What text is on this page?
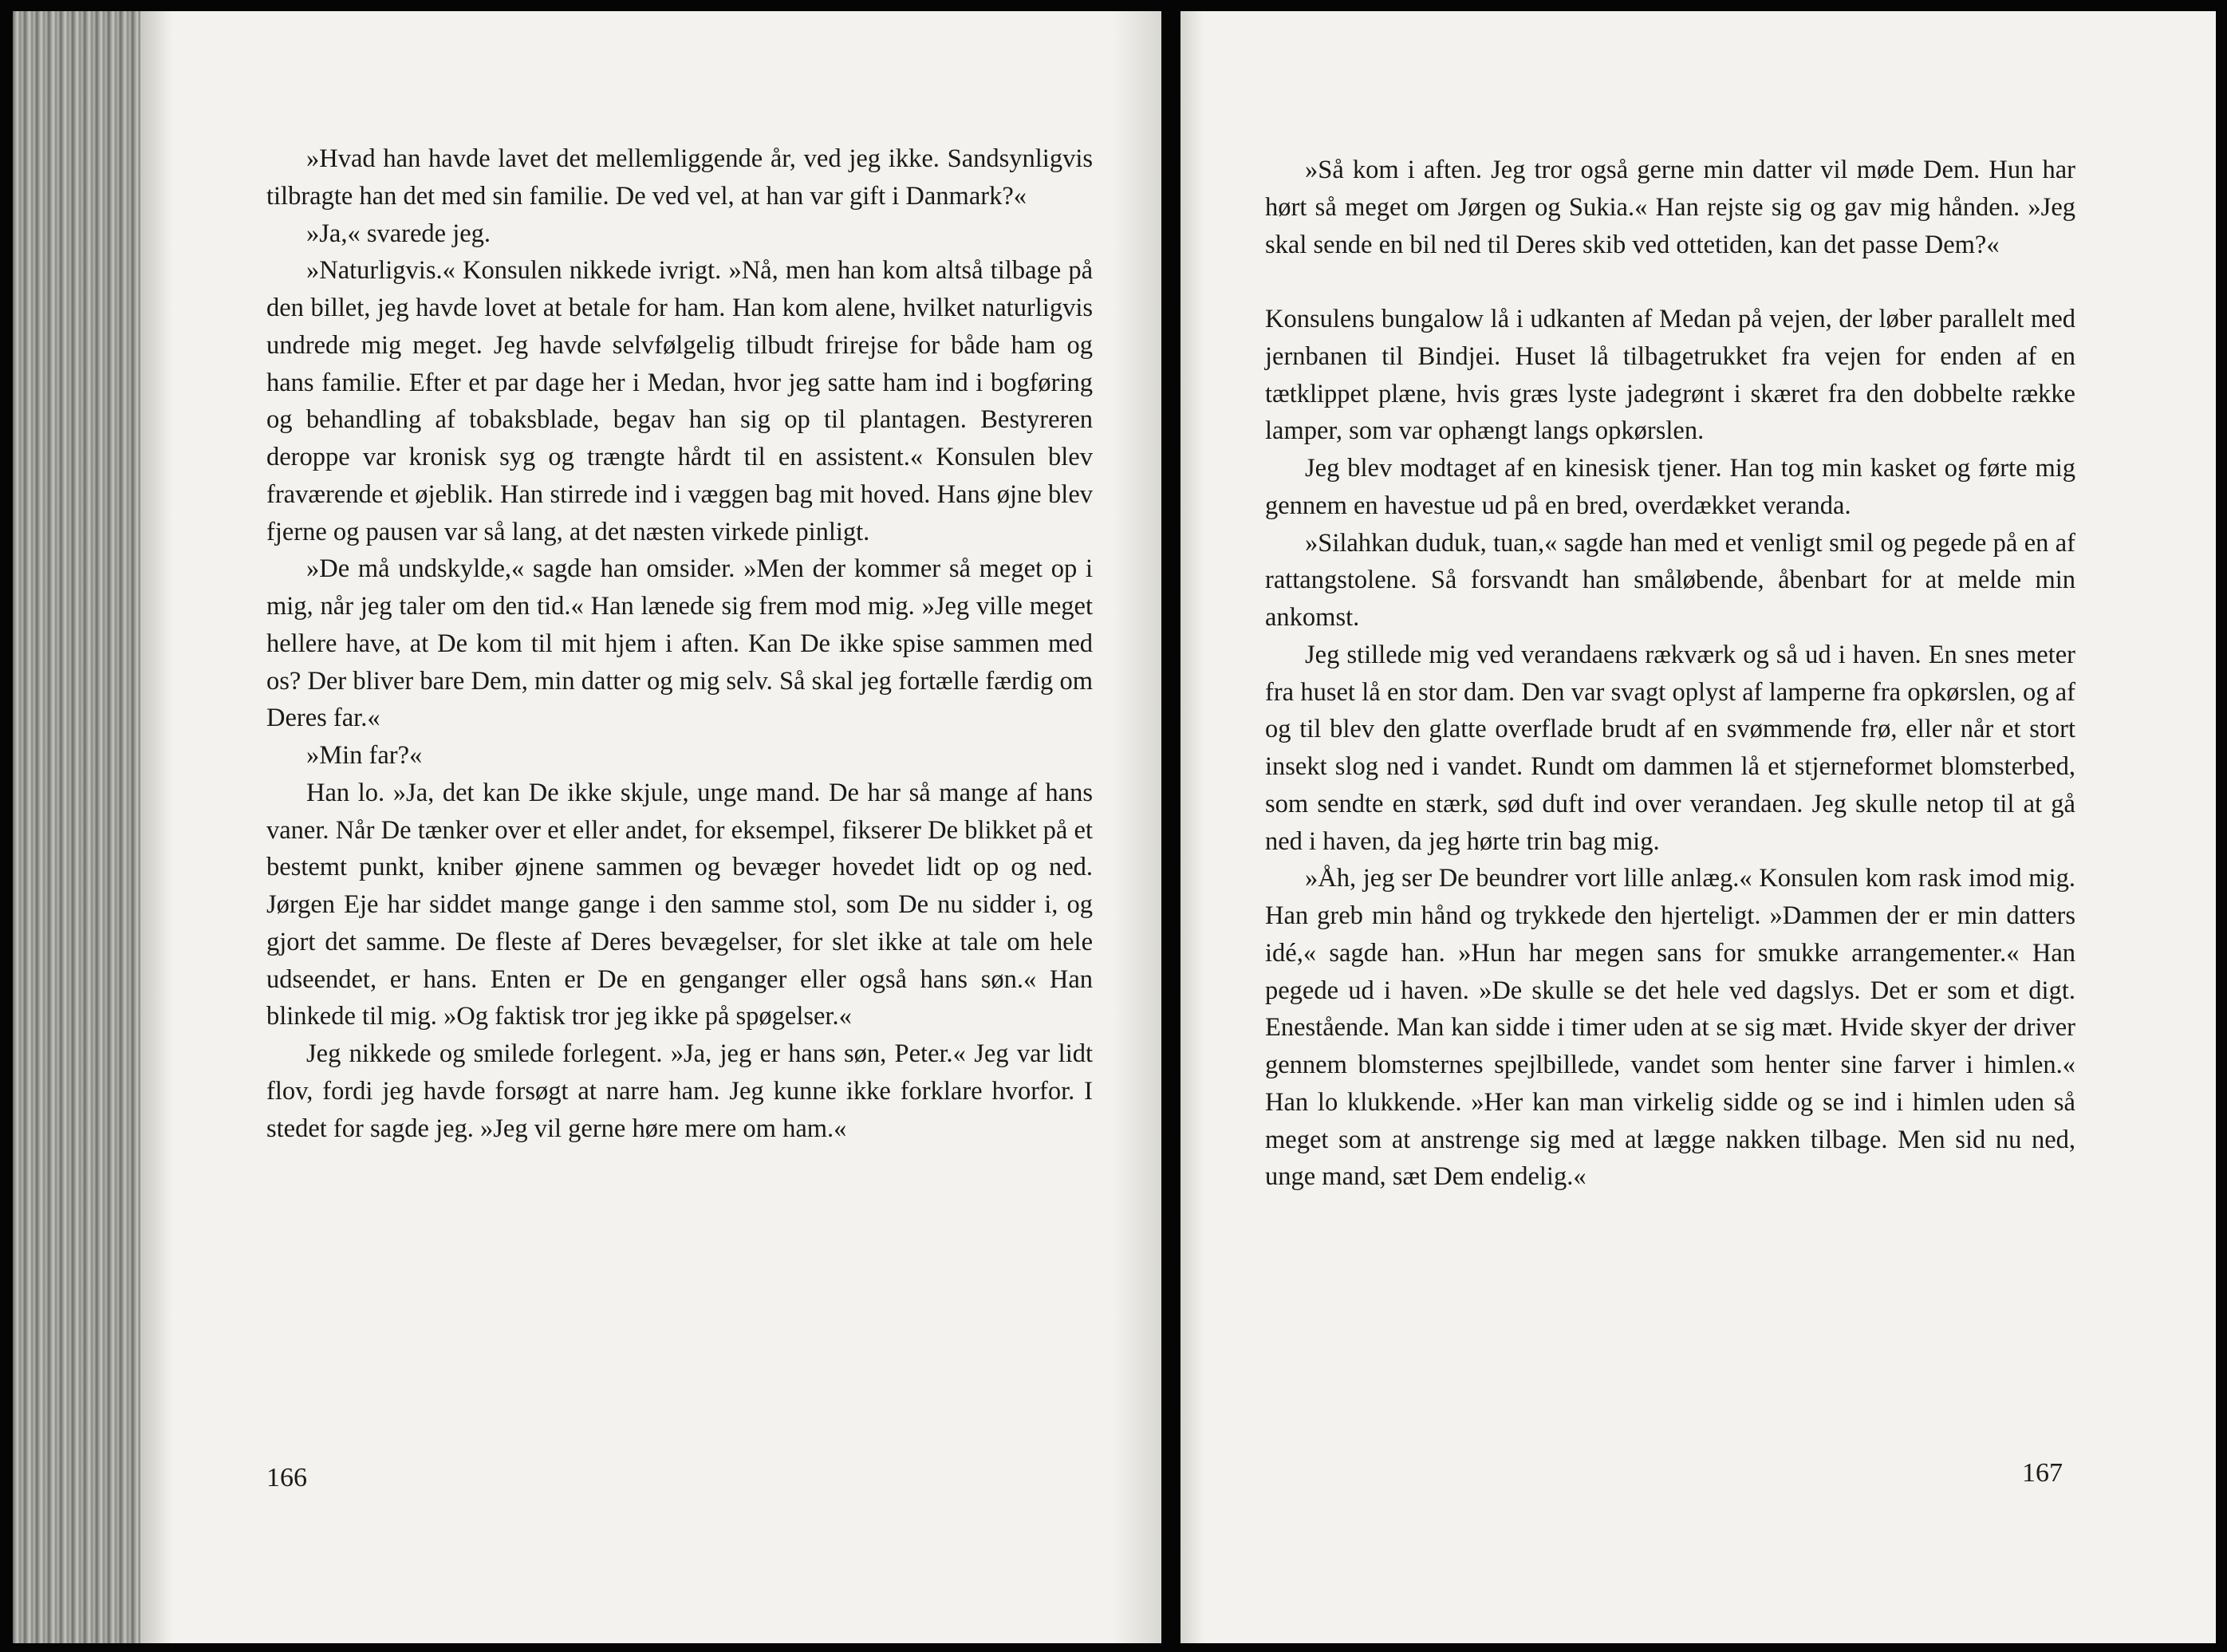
»Hvad han havde lavet det mellemliggende år, ved jeg ikke. Sandsynligvis tilbragte han det med sin familie. De ved vel, at han var gift i Danmark?«

»Ja,« svarede jeg.

»Naturligvis.« Konsulen nikkede ivrigt. »Nå, men han kom altså tilbage på den billet, jeg havde lovet at betale for ham. Han kom alene, hvilket naturligvis undrede mig meget. Jeg havde selvfølgelig tilbudt frirejse for både ham og hans familie. Efter et par dage her i Medan, hvor jeg satte ham ind i bogføring og behandling af tobaksblade, begav han sig op til plantagen. Bestyreren deroppe var kronisk syg og trængte hårdt til en assistent.« Konsulen blev fraværende et øjeblik. Han stirrede ind i væggen bag mit hoved. Hans øjne blev fjerne og pausen var så lang, at det næsten virkede pinligt.

»De må undskylde,« sagde han omsider. »Men der kommer så meget op i mig, når jeg taler om den tid.« Han lænede sig frem mod mig. »Jeg ville meget hellere have, at De kom til mit hjem i aften. Kan De ikke spise sammen med os? Der bliver bare Dem, min datter og mig selv. Så skal jeg fortælle færdig om Deres far.«

»Min far?«

Han lo. »Ja, det kan De ikke skjule, unge mand. De har så mange af hans vaner. Når De tænker over et eller andet, for eksempel, fikserer De blikket på et bestemt punkt, kniber øjnene sammen og bevæger hovedet lidt op og ned. Jørgen Eje har siddet mange gange i den samme stol, som De nu sidder i, og gjort det samme. De fleste af Deres bevægelser, for slet ikke at tale om hele udseendet, er hans. Enten er De en genganger eller også hans søn.« Han blinkede til mig. »Og faktisk tror jeg ikke på spøgelser.«

Jeg nikkede og smilede forlegent. »Ja, jeg er hans søn, Peter.« Jeg var lidt flov, fordi jeg havde forsøgt at narre ham. Jeg kunne ikke forklare hvorfor. I stedet for sagde jeg. »Jeg vil gerne høre mere om ham.«

166

»Så kom i aften. Jeg tror også gerne min datter vil møde Dem. Hun har hørt så meget om Jørgen og Sukia.« Han rejste sig og gav mig hånden. »Jeg skal sende en bil ned til Deres skib ved ottetiden, kan det passe Dem?«

Konsulens bungalow lå i udkanten af Medan på vejen, der løber parallelt med jernbanen til Bindjei. Huset lå tilbagetrukket fra vejen for enden af en tætklippet plæne, hvis græs lyste jadegrønt i skæret fra den dobbelte række lamper, som var ophængt langs opkørslen.

Jeg blev modtaget af en kinesisk tjener. Han tog min kasket og førte mig gennem en havestue ud på en bred, overdækket veranda.

»Silahkan duduk, tuan,« sagde han med et venligt smil og pegede på en af rattangstolene. Så forsvandt han småløbende, åbenbart for at melde min ankomst.

Jeg stillede mig ved verandaens rækværk og så ud i haven. En snes meter fra huset lå en stor dam. Den var svagt oplyst af lamperne fra opkørslen, og af og til blev den glatte overflade brudt af en svømmende frø, eller når et stort insekt slog ned i vandet. Rundt om dammen lå et stjerneformet blomsterbed, som sendte en stærk, sød duft ind over verandaen. Jeg skulle netop til at gå ned i haven, da jeg hørte trin bag mig.

»Åh, jeg ser De beundrer vort lille anlæg.« Konsulen kom rask imod mig. Han greb min hånd og trykkede den hjerteligt. »Dammen der er min datters idé,« sagde han. »Hun har megen sans for smukke arrangementer.« Han pegede ud i haven. »De skulle se det hele ved dagslys. Det er som et digt. Enestående. Man kan sidde i timer uden at se sig mæt. Hvide skyer der driver gennem blomsternes spejlbillede, vandet som henter sine farver i himlen.« Han lo klukkende. »Her kan man virkelig sidde og se ind i himlen uden så meget som at anstrenge sig med at lægge nakken tilbage. Men sid nu ned, unge mand, sæt Dem endelig.«

167
